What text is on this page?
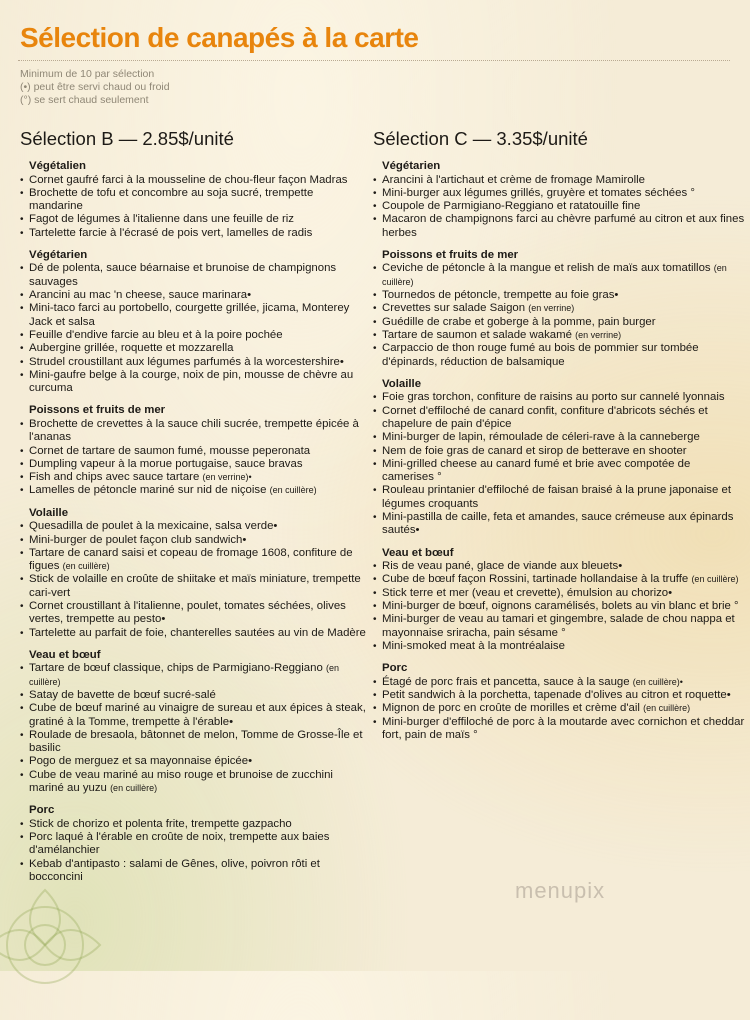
Sélection de canapés à la carte
Minimum de 10 par sélection
(•) peut être servi chaud ou froid
(°) se sert chaud seulement
Sélection B — 2.85$/unité
Végétalien
• Cornet gaufré farci à la mousseline de chou-fleur façon Madras
• Brochette de tofu et concombre au soja sucré, trempette mandarine
• Fagot de légumes à l'italienne dans une feuille de riz
• Tartelette farcie à l'écrasé de pois vert, lamelles de radis
Végétarien
• Dé de polenta, sauce béarnaise et brunoise de champignons sauvages
• Arancini au mac 'n cheese, sauce marinara•
• Mini-taco farci au portobello, courgette grillée, jicama, Monterey Jack et salsa
• Feuille d'endive farcie au bleu et à la poire pochée
• Aubergine grillée, roquette et mozzarella
• Strudel croustillant aux légumes parfumés à la worcestershire•
• Mini-gaufre belge à la courge, noix de pin, mousse de chèvre au curcuma
Poissons et fruits de mer
• Brochette de crevettes à la sauce chili sucrée, trempette épicée à l'ananas
• Cornet de tartare de saumon fumé, mousse peperonata
• Dumpling vapeur à la morue portugaise, sauce bravas
• Fish and chips avec sauce tartare (en verrine)•
• Lamelles de pétoncle mariné sur nid de niçoise (en cuillère)
Volaille
• Quesadilla de poulet à la mexicaine, salsa verde•
• Mini-burger de poulet façon club sandwich•
• Tartare de canard saisi et copeau de fromage 1608, confiture de figues (en cuillère)
• Stick de volaille en croûte de shiitake et maïs miniature, trempette cari-vert
• Cornet croustillant à l'italienne, poulet, tomates séchées, olives vertes, trempette au pesto•
• Tartelette au parfait de foie, chanterelles sautées au vin de Madère
Veau et bœuf
• Tartare de bœuf classique, chips de Parmigiano-Reggiano (en cuillère)
• Satay de bavette de bœuf sucré-salé
• Cube de bœuf mariné au vinaigre de sureau et aux épices à steak, gratiné à la Tomme, trempette à l'érable•
• Roulade de bresaola, bâtonnet de melon, Tomme de Grosse-Île et basilic
• Pogo de merguez et sa mayonnaise épicée•
• Cube de veau mariné au miso rouge et brunoise de zucchini mariné au yuzu (en cuillère)
Porc
• Stick de chorizo et polenta frite, trempette gazpacho
• Porc laqué à l'érable en croûte de noix, trempette aux baies d'amélanchier
• Kebab d'antipasto : salami de Gênes, olive, poivron rôti et bocconcini
Sélection C — 3.35$/unité
Végétarien
• Arancini à l'artichaut et crème de fromage Mamirolle
• Mini-burger aux légumes grillés, gruyère et tomates séchées °
• Coupole de Parmigiano-Reggiano et ratatouille fine
• Macaron de champignons farci au chèvre parfumé au citron et aux fines herbes
Poissons et fruits de mer
• Ceviche de pétoncle à la mangue et relish de maïs aux tomatillos (en cuillère)
• Tournedos de pétoncle, trempette au foie gras•
• Crevettes sur salade Saigon (en verrine)
• Guédille de crabe et goberge à la pomme, pain burger
• Tartare de saumon et salade wakamé (en verrine)
• Carpaccio de thon rouge fumé au bois de pommier sur tombée d'épinards, réduction de balsamique
Volaille
• Foie gras torchon, confiture de raisins au porto sur cannelé lyonnais
• Cornet d'effiloché de canard confit, confiture d'abricots séchés et chapelure de pain d'épice
• Mini-burger de lapin, rémoulade de céleri-rave à la canneberge
• Nem de foie gras de canard et sirop de betterave en shooter
• Mini-grilled cheese au canard fumé et brie avec compotée de camerises °
• Rouleau printanier d'effiloché de faisan braisé à la prune japonaise et légumes croquants
• Mini-pastilla de caille, feta et amandes, sauce crémeuse aux épinards sautés•
Veau et bœuf
• Ris de veau pané, glace de viande aux bleuets•
• Cube de bœuf façon Rossini, tartinade hollandaise à la truffe (en cuillère)
• Stick terre et mer (veau et crevette), émulsion au chorizo•
• Mini-burger de bœuf, oignons caramélisés, bolets au vin blanc et brie °
• Mini-burger de veau au tamari et gingembre, salade de chou nappa et mayonnaise sriracha, pain sésame °
• Mini-smoked meat à la montréalaise
Porc
• Étagé de porc frais et pancetta, sauce à la sauge (en cuillère)•
• Petit sandwich à la porchetta, tapenade d'olives au citron et roquette•
• Mignon de porc en croûte de morilles et crème d'ail (en cuillère)
• Mini-burger d'effiloché de porc à la moutarde avec cornichon et cheddar fort, pain de maïs °
menupix
